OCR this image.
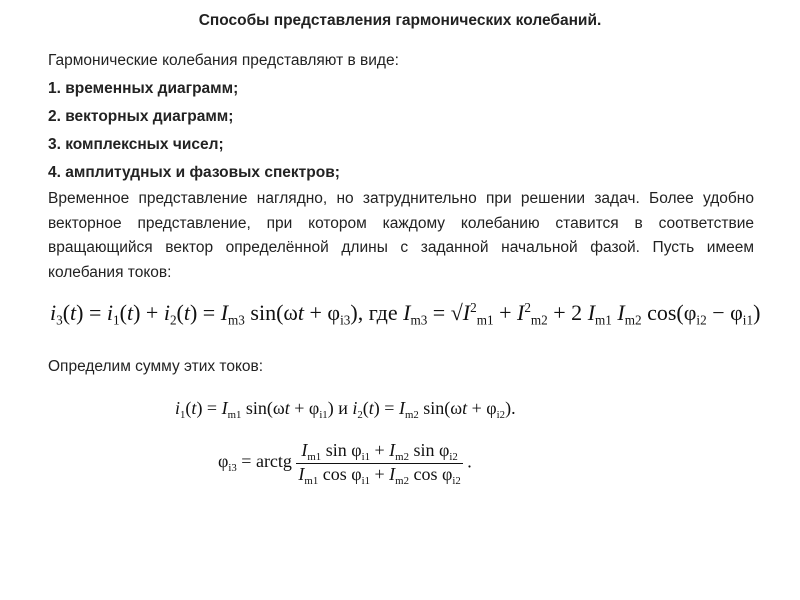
Способы представления гармонических колебаний.
Гармонические колебания представляют в виде:
1. временных диаграмм;
2. векторных диаграмм;
3. комплексных чисел;
4. амплитудных и фазовых спектров;
Временное представление наглядно, но затруднительно при решении задач. Более удобно векторное представление, при котором каждому колебанию ставится в соответствие вращающийся вектор определённой длины с заданной начальной фазой. Пусть имеем колебания токов:
$i_3(t) = i_1(t) + i_2(t) = I_{m3}$ $\sin(\omega t + \varphi_{i3})$, где $I_{m3} = √I^2_{m1} + I^2_{m2} + 2$ $I_{m1}$ $I_{m2}$ $\cos(\varphi_{i2} - \varphi_{i1})$
Определим сумму этих токов:
$i_1(t) = I_{m1}$ $\sin(\omega t + \varphi_{i1})$ и $i_2(t) = I_{m2}$ $\sin(\omega t + \varphi_{i2})$.
$\varphi_{i3}$ = arctg $\frac{I_{m1} \sin \varphi_{i1} + I_{m2} \sin \varphi_{i2}}{I_{m1} \cos \varphi_{i1} + I_{m2} \cos \varphi_{i2}}$ .
